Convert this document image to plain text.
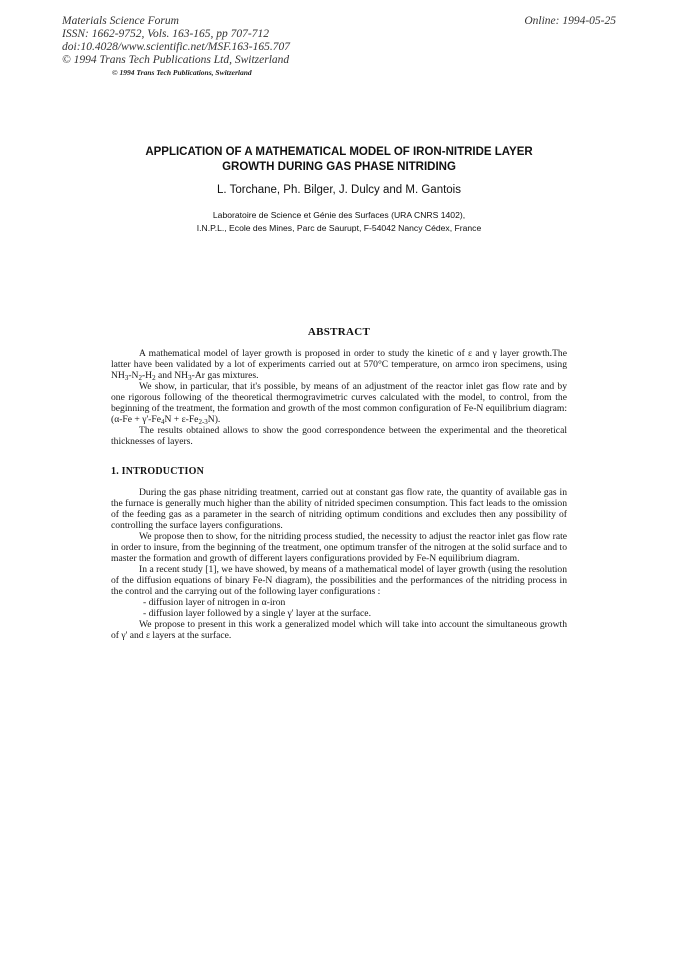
Materials Science Forum
ISSN: 1662-9752, Vols. 163-165, pp 707-712
doi:10.4028/www.scientific.net/MSF.163-165.707
© 1994 Trans Tech Publications Ltd, Switzerland
© 1994 Trans Tech Publications, Switzerland
Online: 1994-05-25
APPLICATION OF A MATHEMATICAL MODEL OF IRON-NITRIDE LAYER
GROWTH DURING GAS PHASE NITRIDING
L. Torchane, Ph. Bilger, J. Dulcy and M. Gantois
Laboratoire de Science et Génie des Surfaces (URA CNRS 1402),
I.N.P.L., Ecole des Mines, Parc de Saurupt, F-54042 Nancy Cédex, France
ABSTRACT

A mathematical model of layer growth is proposed in order to study the kinetic of ε and γ layer growth.The latter have been validated by a lot of experiments carried out at 570°C temperature, on armco iron specimens, using $NH_3-N_2-H_2$ and $NH_3-Ar$ gas mixtures.

We show, in particular, that it's possible, by means of an adjustment of the reactor inlet gas flow rate and by one rigorous following of the theoretical thermogravimetric curves calculated with the model, to control, from the beginning of the treatment, the formation and growth of the most common configuration of Fe-N equilibrium diagram: $(\alpha-Fe + \gamma'-Fe_4N + \varepsilon-Fe_{2-3}N)$.

The results obtained allows to show the good correspondence between the experimental and the theoretical thicknesses of layers.

1. INTRODUCTION

During the gas phase nitriding treatment, carried out at constant gas flow rate, the quantity of available gas in the furnace is generally much higher than the ability of nitrided specimen consumption. This fact leads to the omission of the feeding gas as a parameter in the search of nitriding optimum conditions and excludes then any possibility of controlling the surface layers configurations.

We propose then to show, for the nitriding process studied, the necessity to adjust the reactor inlet gas flow rate in order to insure, from the beginning of the treatment, one optimum transfer of the nitrogen at the solid surface and to master the formation and growth of different layers configurations provided by Fe-N equilibrium diagram.

In a recent study [1], we have showed, by means of a mathematical model of layer growth (using the resolution of the diffusion equations of binary Fe-N diagram), the possibilities and the performances of the nitriding process in the control and the carrying out of the following layer configurations :

- diffusion layer of nitrogen in α-iron
- diffusion layer followed by a single γ' layer at the surface.

We propose to present in this work a generalized model which will take into account the simultaneous growth of γ' and ε layers at the surface.
